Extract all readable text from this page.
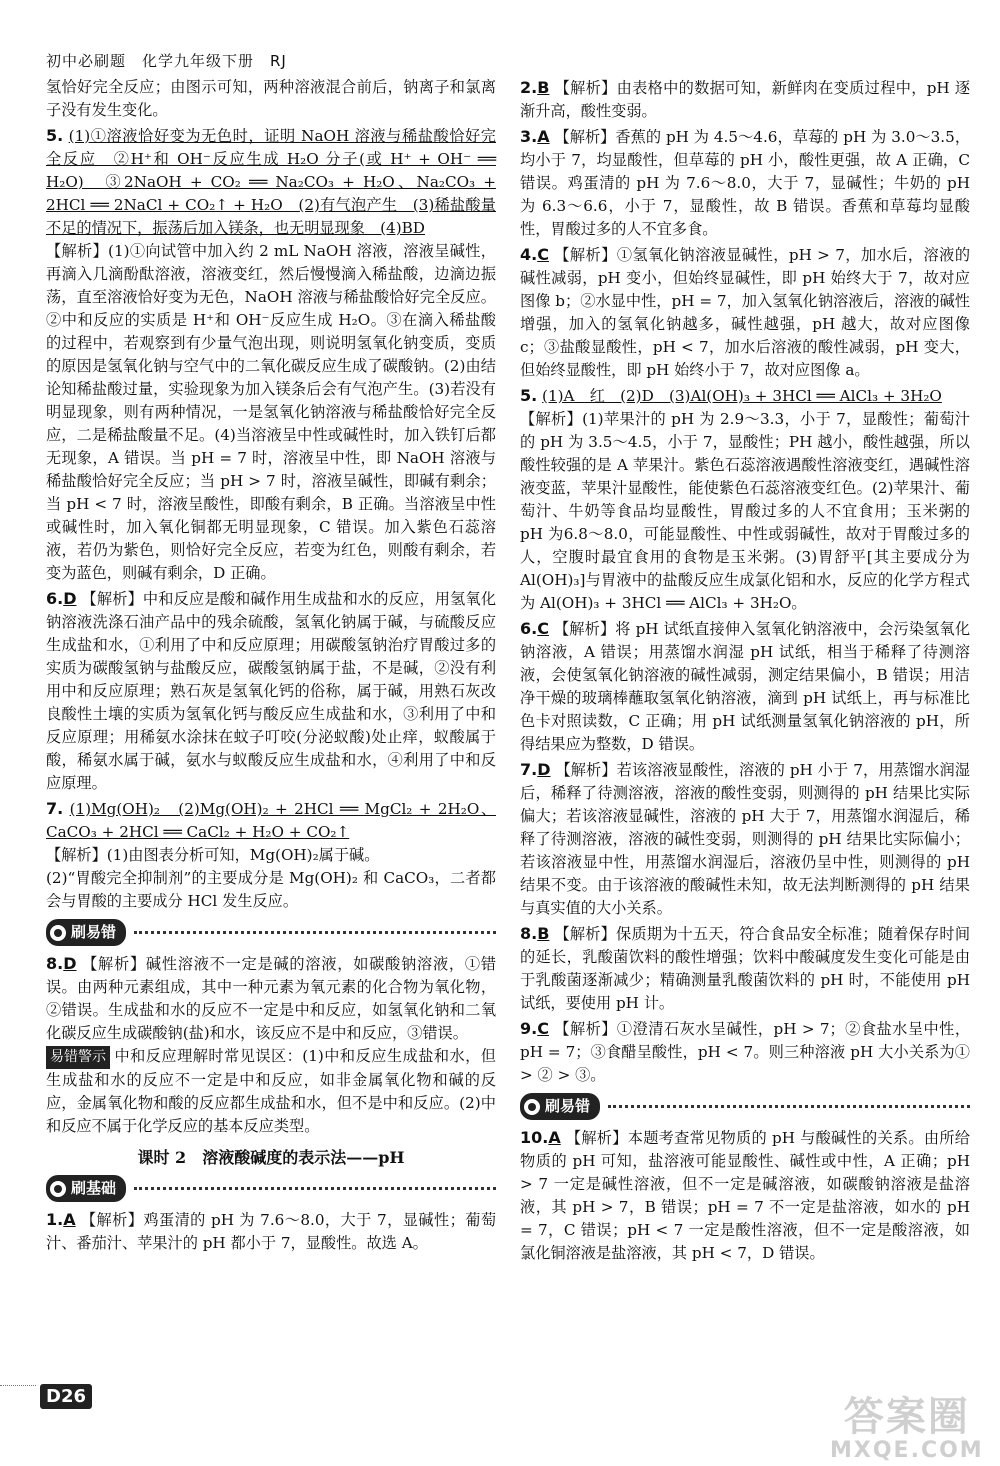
初中必刷题　化学九年级下册　RJ
氢恰好完全反应；由图示可知，两种溶液混合前后，钠离子和氯离子没有发生变化。
5. (1)①溶液恰好变为无色时，证明 NaOH 溶液与稀盐酸恰好完全反应　②H⁺和 OH⁻反应生成 H₂O 分子(或 H⁺ + OH⁻ ══ H₂O)　③2NaOH + CO₂ ══ Na₂CO₃ + H₂O、Na₂CO₃ + 2HCl ══ 2NaCl + CO₂↑ + H₂O　(2)有气泡产生　(3)稀盐酸量不足的情况下，振荡后加入镁条，也无明显现象　(4)BD
【解析】(1)①向试管中加入约 2 mL NaOH 溶液，溶液呈碱性，再滴入几滴酚酞溶液，溶液变红，然后慢慢滴入稀盐酸，边滴边振荡，直至溶液恰好变为无色，NaOH 溶液与稀盐酸恰好完全反应。②中和反应的实质是 H⁺和 OH⁻反应生成 H₂O。③在滴入稀盐酸的过程中，若观察到有少量气泡出现，则说明氢氧化钠变质，变质的原因是氢氧化钠与空气中的二氧化碳反应生成了碳酸钠。(2)由结论知稀盐酸过量，实验现象为加入镁条后会有气泡产生。(3)若没有明显现象，则有两种情况，一是氢氧化钠溶液与稀盐酸恰好完全反应，二是稀盐酸量不足。(4)当溶液呈中性或碱性时，加入铁钉后都无现象，A 错误。当 pH = 7 时，溶液呈中性，即 NaOH 溶液与稀盐酸恰好完全反应；当 pH > 7 时，溶液呈碱性，即碱有剩余；当 pH < 7 时，溶液呈酸性，即酸有剩余，B 正确。当溶液呈中性或碱性时，加入氧化铜都无明显现象，C 错误。加入紫色石蕊溶液，若仍为紫色，则恰好完全反应，若变为红色，则酸有剩余，若变为蓝色，则碱有剩余，D 正确。
6.D 【解析】中和反应是酸和碱作用生成盐和水的反应，用氢氧化钠溶液洗涤石油产品中的残余硫酸，氢氧化钠属于碱，与硫酸反应生成盐和水，①利用了中和反应原理；用碳酸氢钠治疗胃酸过多的实质为碳酸氢钠与盐酸反应，碳酸氢钠属于盐，不是碱，②没有利用中和反应原理；熟石灰是氢氧化钙的俗称，属于碱，用熟石灰改良酸性土壤的实质为氢氧化钙与酸反应生成盐和水，③利用了中和反应原理；用稀氨水涂抹在蚊子叮咬(分泌蚁酸)处止痒，蚁酸属于酸，稀氨水属于碱，氨水与蚁酸反应生成盐和水，④利用了中和反应原理。
7. (1)Mg(OH)₂　(2)Mg(OH)₂ + 2HCl ══ MgCl₂ + 2H₂O、CaCO₃ + 2HCl ══ CaCl₂ + H₂O + CO₂↑
【解析】(1)由图表分析可知，Mg(OH)₂属于碱。
(2)“胃酸完全抑制剂”的主要成分是 Mg(OH)₂ 和 CaCO₃，二者都会与胃酸的主要成分 HCl 发生反应。
刷易错
8.D 【解析】碱性溶液不一定是碱的溶液，如碳酸钠溶液，①错误。由两种元素组成，其中一种元素为氧元素的化合物为氧化物，②错误。生成盐和水的反应不一定是中和反应，如氢氧化钠和二氧化碳反应生成碳酸钠(盐)和水，该反应不是中和反应，③错误。
易错警示 中和反应理解时常见误区：(1)中和反应生成盐和水，但生成盐和水的反应不一定是中和反应，如非金属氧化物和碱的反应，金属氧化物和酸的反应都生成盐和水，但不是中和反应。(2)中和反应不属于化学反应的基本反应类型。
课时 2　溶液酸碱度的表示法——pH
刷基础
1.A 【解析】鸡蛋清的 pH 为 7.6～8.0，大于 7，显碱性；葡萄汁、番茄汁、苹果汁的 pH 都小于 7，显酸性。故选 A。
2.B 【解析】由表格中的数据可知，新鲜肉在变质过程中，pH 逐渐升高，酸性变弱。
3.A 【解析】香蕉的 pH 为 4.5～4.6，草莓的 pH 为 3.0～3.5，均小于 7，均显酸性，但草莓的 pH 小，酸性更强，故 A 正确，C 错误。鸡蛋清的 pH 为 7.6～8.0，大于 7，显碱性；牛奶的 pH 为 6.3～6.6，小于 7，显酸性，故 B 错误。香蕉和草莓均显酸性，胃酸过多的人不宜多食。
4.C 【解析】①氢氧化钠溶液显碱性，pH > 7，加水后，溶液的碱性减弱，pH 变小，但始终显碱性，即 pH 始终大于 7，故对应图像 b；②水显中性，pH = 7，加入氢氧化钠溶液后，溶液的碱性增强，加入的氢氧化钠越多，碱性越强，pH 越大，故对应图像 c；③盐酸显酸性，pH < 7，加水后溶液的酸性减弱，pH 变大，但始终显酸性，即 pH 始终小于 7，故对应图像 a。
5. (1)A　红　(2)D　(3)Al(OH)₃ + 3HCl ══ AlCl₃ + 3H₂O
【解析】(1)苹果汁的 pH 为 2.9～3.3，小于 7，显酸性；葡萄汁的 pH 为 3.5～4.5，小于 7，显酸性；PH 越小，酸性越强，所以酸性较强的是 A 苹果汁。紫色石蕊溶液遇酸性溶液变红，遇碱性溶液变蓝，苹果汁显酸性，能使紫色石蕊溶液变红色。(2)苹果汁、葡萄汁、牛奶等食品均显酸性，胃酸过多的人不宜食用；玉米粥的 pH 为6.8～8.0，可能显酸性、中性或弱碱性，故对于胃酸过多的人，空腹时最宜食用的食物是玉米粥。(3)胃舒平[其主要成分为 Al(OH)₃]与胃液中的盐酸反应生成氯化铝和水，反应的化学方程式为 Al(OH)₃ + 3HCl ══ AlCl₃ + 3H₂O。
6.C 【解析】将 pH 试纸直接伸入氢氧化钠溶液中，会污染氢氧化钠溶液，A 错误；用蒸馏水润湿 pH 试纸，相当于稀释了待测溶液，会使氢氧化钠溶液的碱性减弱，测定结果偏小，B 错误；用洁净干燥的玻璃棒蘸取氢氧化钠溶液，滴到 pH 试纸上，再与标准比色卡对照读数，C 正确；用 pH 试纸测量氢氧化钠溶液的 pH，所得结果应为整数，D 错误。
7.D 【解析】若该溶液显酸性，溶液的 pH 小于 7，用蒸馏水润湿后，稀释了待测溶液，溶液的酸性变弱，则测得的 pH 结果比实际偏大；若该溶液显碱性，溶液的 pH 大于 7，用蒸馏水润湿后，稀释了待测溶液，溶液的碱性变弱，则测得的 pH 结果比实际偏小；若该溶液显中性，用蒸馏水润湿后，溶液仍呈中性，则测得的 pH 结果不变。由于该溶液的酸碱性未知，故无法判断测得的 pH 结果与真实值的大小关系。
8.B 【解析】保质期为十五天，符合食品安全标准；随着保存时间的延长，乳酸菌饮料的酸性增强；饮料中酸碱度发生变化可能是由于乳酸菌逐渐减少；精确测量乳酸菌饮料的 pH 时，不能使用 pH 试纸，要使用 pH 计。
9.C 【解析】①澄清石灰水呈碱性，pH > 7；②食盐水呈中性，pH = 7；③食醋呈酸性，pH < 7。则三种溶液 pH 大小关系为① > ② > ③。
刷易错
10.A 【解析】本题考查常见物质的 pH 与酸碱性的关系。由所给物质的 pH 可知，盐溶液可能显酸性、碱性或中性，A 正确；pH > 7 一定是碱性溶液，但不一定是碱溶液，如碳酸钠溶液是盐溶液，其 pH > 7，B 错误；pH = 7 不一定是盐溶液，如水的 pH = 7，C 错误；pH < 7 一定是酸性溶液，但不一定是酸溶液，如氯化铜溶液是盐溶液，其 pH < 7，D 错误。
D26	答案圈
MXQE.COM
